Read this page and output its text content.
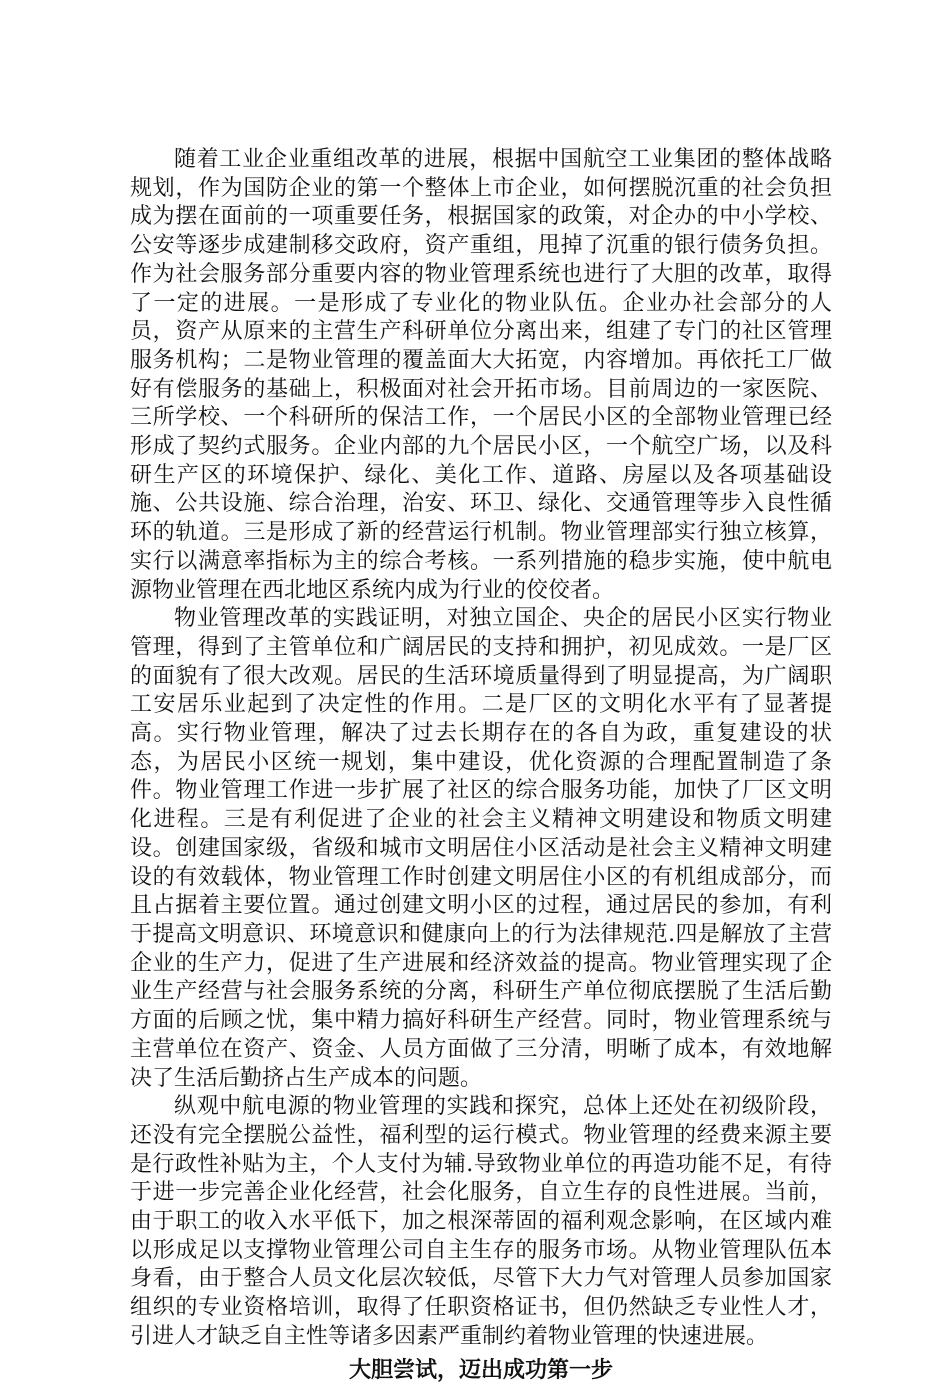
随着工业企业重组改革的进展，根据中国航空工业集团的整体战略规划，作为国防企业的第一个整体上市企业，如何摆脱沉重的社会负担成为摆在面前的一项重要任务，根据国家的政策，对企办的中小学校、公安等逐步成建制移交政府，资产重组，甩掉了沉重的银行债务负担。作为社会服务部分重要内容的物业管理系统也进行了大胆的改革，取得了一定的进展。一是形成了专业化的物业队伍。企业办社会部分的人员，资产从原来的主营生产科研单位分离出来，组建了专门的社区管理服务机构；二是物业管理的覆盖面大大拓宽，内容增加。再依托工厂做好有偿服务的基础上，积极面对社会开拓市场。目前周边的一家医院、三所学校、一个科研所的保洁工作，一个居民小区的全部物业管理已经形成了契约式服务。企业内部的九个居民小区，一个航空广场，以及科研生产区的环境保护、绿化、美化工作、道路、房屋以及各项基础设施、公共设施、综合治理，治安、环卫、绿化、交通管理等步入良性循环的轨道。三是形成了新的经营运行机制。物业管理部实行独立核算，实行以满意率指标为主的综合考核。一系列措施的稳步实施，使中航电源物业管理在西北地区系统内成为行业的佼佼者。

物业管理改革的实践证明，对独立国企、央企的居民小区实行物业管理，得到了主管单位和广阔居民的支持和拥护，初见成效。一是厂区的面貌有了很大改观。居民的生活环境质量得到了明显提高，为广阔职工安居乐业起到了决定性的作用。二是厂区的文明化水平有了显著提高。实行物业管理，解决了过去长期存在的各自为政，重复建设的状态，为居民小区统一规划，集中建设，优化资源的合理配置制造了条件。物业管理工作进一步扩展了社区的综合服务功能，加快了厂区文明化进程。三是有利促进了企业的社会主义精神文明建设和物质文明建设。创建国家级，省级和城市文明居住小区活动是社会主义精神文明建设的有效载体，物业管理工作时创建文明居住小区的有机组成部分，而且占据着主要位置。通过创建文明小区的过程，通过居民的参加，有利于提高文明意识、环境意识和健康向上的行为法律规范.四是解放了主营企业的生产力，促进了生产进展和经济效益的提高。物业管理实现了企业生产经营与社会服务系统的分离，科研生产单位彻底摆脱了生活后勤方面的后顾之忧，集中精力搞好科研生产经营。同时，物业管理系统与主营单位在资产、资金、人员方面做了三分清，明晰了成本，有效地解决了生活后勤挤占生产成本的问题。

纵观中航电源的物业管理的实践和探究，总体上还处在初级阶段，还没有完全摆脱公益性，福利型的运行模式。物业管理的经费来源主要是行政性补贴为主，个人支付为辅.导致物业单位的再造功能不足，有待于进一步完善企业化经营，社会化服务，自立生存的良性进展。当前，由于职工的收入水平低下，加之根深蒂固的福利观念影响，在区域内难以形成足以支撑物业管理公司自主生存的服务市场。从物业管理队伍本身看，由于整合人员文化层次较低，尽管下大力气对管理人员参加国家组织的专业资格培训，取得了任职资格证书，但仍然缺乏专业性人才，引进人才缺乏自主性等诸多因素严重制约着物业管理的快速进展。

大胆尝试，迈出成功第一步
